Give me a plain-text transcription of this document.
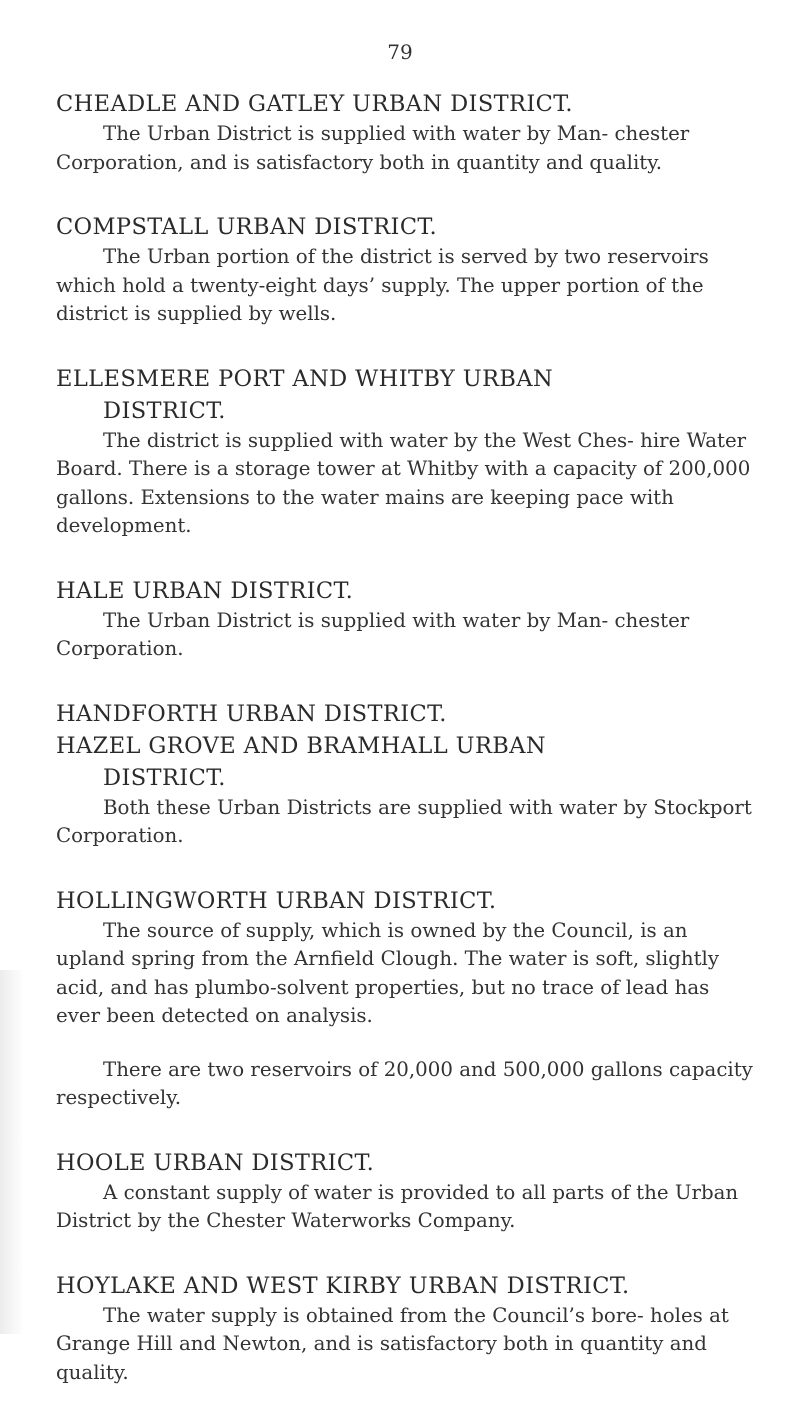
79
CHEADLE AND GATLEY URBAN DISTRICT.

The Urban District is supplied with water by Man- chester Corporation, and is satisfactory both in quantity and quality.

COMPSTALL URBAN DISTRICT.

The Urban portion of the district is served by two reservoirs which hold a twenty-eight days’ supply. The upper portion of the district is supplied by wells.

ELLESMERE PORT AND WHITBY URBAN
DISTRICT.

The district is supplied with water by the West Ches- hire Water Board. There is a storage tower at Whitby with a capacity of 200,000 gallons. Extensions to the water mains are keeping pace with development.

HALE URBAN DISTRICT.

The Urban District is supplied with water by Man- chester Corporation.

HANDFORTH URBAN DISTRICT.
HAZEL GROVE AND BRAMHALL URBAN
DISTRICT.

Both these Urban Districts are supplied with water by Stockport Corporation.

HOLLINGWORTH URBAN DISTRICT.

The source of supply, which is owned by the Council, is an upland spring from the Arnfield Clough. The water is soft, slightly acid, and has plumbo-solvent properties, but no trace of lead has ever been detected on analysis.

There are two reservoirs of 20,000 and 500,000 gallons capacity respectively.

HOOLE URBAN DISTRICT.

A constant supply of water is provided to all parts of the Urban District by the Chester Waterworks Company.

HOYLAKE AND WEST KIRBY URBAN DISTRICT.

The water supply is obtained from the Council’s bore- holes at Grange Hill and Newton, and is satisfactory both in quantity and quality.
